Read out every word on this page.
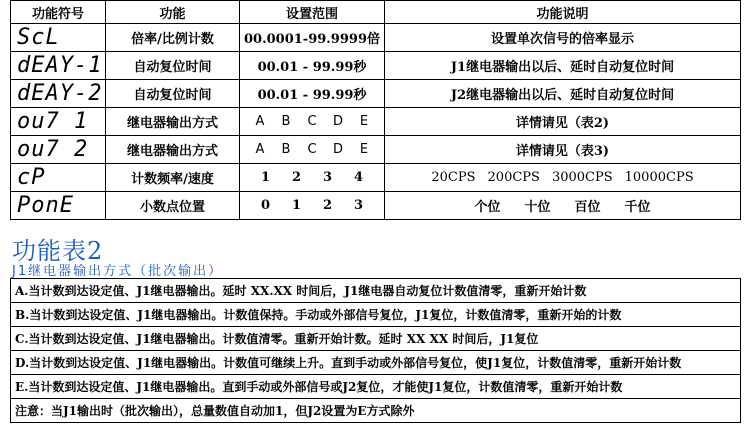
功能符号	功能	设置范围	功能说明
ScL	倍率/比例计数	00.0001-99.9999倍	设置单次信号的倍率显示
dEAY-1	自动复位时间	00.01 - 99.99秒	J1继电器输出以后、延时自动复位时间
dEAY-2	自动复位时间	00.01 - 99.99秒	J2继电器输出以后、延时自动复位时间
ou7 1	继电器输出方式	A B C D E	详情请见（表2)
ou7 2	继电器输出方式	A B C D E	详情请见（表3)
cP	计数频率/速度	1 2 3 4	20CPS 200CPS 3000CPS 10000CPS
PonE	小数点位置	0 1 2 3	个位 十位 百位 千位
功能表2
J1继电器输出方式（批次输出）
A.当计数到达设定值、J1继电器输出。延时 XX.XX 时间后，J1继电器自动复位计数值清零，重新开始计数
B.当计数到达设定值、J1继电器输出。计数值保持。手动或外部信号复位，J1复位，计数值清零，重新开始的计数
C.当计数到达设定值、J1继电器输出。计数值清零。重新开始计数。延时 XX XX 时间后，J1复位
D.当计数到达设定值、J1继电器输出。计数值可继续上升。直到手动或外部信号复位，使J1复位，计数值清零，重新开始计数
E.当计数到达设定值、J1继电器输出。直到手动或外部信号或J2复位，才能使J1复位，计数值清零，重新开始计数
注意：当J1输出时（批次输出），总量数值自动加1，但J2设置为E方式除外
